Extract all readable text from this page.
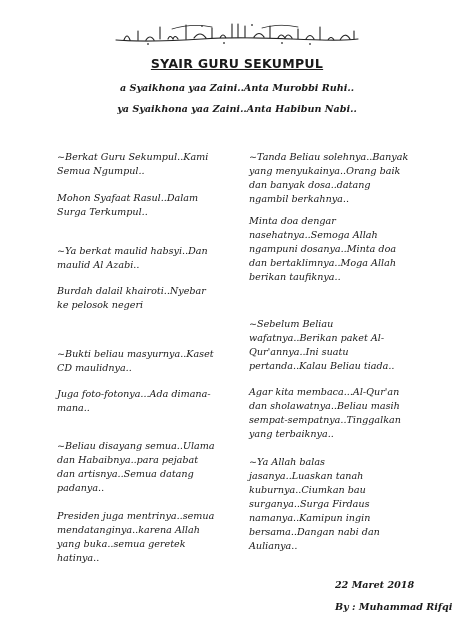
SYAIR GURU SEKUMPUL
a Syaikhona yaa Zaini..Anta Murobbi Ruhi..
ya Syaikhona yaa Zaini..Anta Habibun Nabi..

~Berkat Guru Sekumpul..Kami
Semua Ngumpul..

Mohon Syafaat Rasul..Dalam
Surga Terkumpul..

~Ya berkat maulid habsyi..Dan
maulid Al Azabi..

Burdah dalail khairoti..Nyebar
ke pelosok negeri

~Bukti beliau masyurnya..Kaset
CD maulidnya..

Juga foto-fotonya...Ada dimana-
mana..

~Beliau disayang semua..Ulama
dan Habaibnya..para pejabat
dan artisnya..Semua datang
padanya..

Presiden juga mentrinya..semua
mendatanginya..karena Allah
yang buka..semua geretek
hatinya..

~Tanda Beliau solehnya..Banyak
yang menyukainya..Orang baik
dan banyak dosa..datang
ngambil berkahnya..

Minta doa dengar
nasehatnya..Semoga Allah
ngampuni dosanya..Minta doa
dan bertaklimnya..Moga Allah
berikan taufiknya..

~Sebelum Beliau
wafatnya..Berikan paket Al-
Qur'annya..Ini suatu
pertanda..Kalau Beliau tiada..

Agar kita membaca...Al-Qur'an
dan sholawatnya..Beliau masih
sempat-sempatnya..Tinggalkan
yang terbaiknya..

~Ya Allah balas
jasanya..Luaskan tanah
kuburnya..Ciumkan bau
surganya..Surga Firdaus
namanya..Kamipun ingin
bersama..Dangan nabi dan
Aulianya..

22 Maret 2018
By : Muhammad Rifqi
